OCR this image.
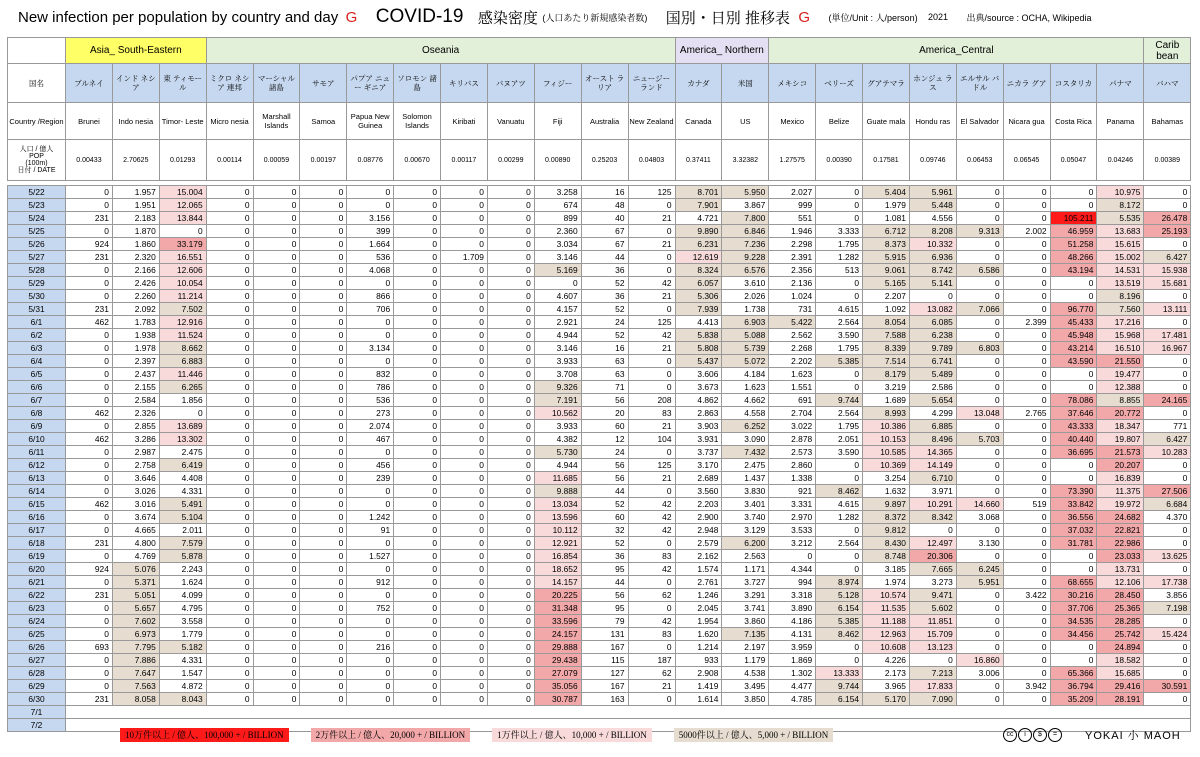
New infection per population by country and day G COVID-19 感染密度 (人口あたり新規感染者数) 国別・日別 推移表 G (単位/Unit : 人/person) 2021 出典/source : OCHA, Wikipedia
	Asia_ South-Eastern			Oseania										America_ Northern		America_Central								Carib bean
国名	ブルネイ	インド ネシア	東 ティモール	ミクロ ネシア 連邦	マーシャル 諸島	サモア	パプア ニュー ギニア	ソロモン 諸島	キリバス	バヌアツ	フィジー	オースト ラリア	ニュージー ランド	カナダ	米国	メキシコ	ベリーズ	グアテマラ	ホンジュ ラス	エルサル バドル	ニカラ グア	コスタリカ	パナマ	バハマ
Country /Region	Brunei	Indo nesia	Timor- Leste	Micro nesia	Marshall Islands	Samoa	Papua New Guinea	Solomon Islands	Kiribati	Vanuatu	Fiji	Australia	New Zealand	Canada	US	Mexico	Belize	Guate mala	Hondu ras	El Salvador	Nicara gua	Costa Rica	Panama	Bahamas

人口 / 億人
POP
(100m)
日付 / DATE	0.00433	2.70625	0.01293	0.00114	0.00059	0.00197	0.08776	0.00670	0.00117	0.00299	0.00890	0.25203	0.04803	0.37411	3.32382	1.27575	0.00390	0.17581	0.09746	0.06453	0.06545	0.05047	0.04246	0.00389

5/22	0	1.957	15.004	0	0	0	0	0	0	0	3.258	16	125	8.701	5.950	2.027	0	5.404	5.961	0	0	0	10.975	0
5/23	0	1.951	12.065	0	0	0	0	0	0	0	674	48	0	7.901	3.867	999	0	1.979	5.448	0	0	0	8.172	0
5/24	231	2.183	13.844	0	0	0	3.156	0	0	0	899	40	21	4.721	7.800	551	0	1.081	4.556	0	0	105.211	5.535	26.478
5/25	0	1.870	0	0	0	0	399	0	0	0	2.360	67	0	9.890	6.846	1.946	3.333	6.712	8.208	9.313	2.002	46.959	13.683	25.193
5/26	924	1.860	33.179	0	0	0	1.664	0	0	0	3.034	67	21	6.231	7.236	2.298	1.795	8.373	10.332	0	0	51.258	15.615	0
5/27	231	2.320	16.551	0	0	0	536	0	1.709	0	3.146	44	0	12.619	9.228	2.391	1.282	5.915	6.936	0	0	48.266	15.002	6.427
5/28	0	2.166	12.606	0	0	0	4.068	0	0	0	5.169	36	0	8.324	6.576	2.356	513	9.061	8.742	6.586	0	43.194	14.531	15.938
5/29	0	2.426	10.054	0	0	0	0	0	0	0	0	52	42	6.057	3.610	2.136	0	5.165	5.141	0	0	0	13.519	15.681
5/30	0	2.260	11.214	0	0	0	866	0	0	0	4.607	36	21	5.306	2.026	1.024	0	2.207	0	0	0	0	8.196	0
5/31	231	2.092	7.502	0	0	0	706	0	0	0	4.157	52	0	7.939	1.738	731	4.615	1.092	13.082	7.066	0	96.770	7.560	13.111
6/1	462	1.783	12.916	0	0	0	0	0	0	0	2.921	24	125	4.413	6.903	5.422	2.564	8.054	6.085	0	2.399	45.433	17.216	0
6/2	0	1.938	11.524	0	0	0	0	0	0	0	4.944	52	42	5.838	5.088	2.562	3.590	7.588	6.238	0	0	45.948	15.968	17.481
6/3	0	1.978	8.662	0	0	0	3.134	0	0	0	3.146	16	21	5.808	5.739	2.268	1.795	8.339	9.789	6.803	0	43.214	16.510	16.967
6/4	0	2.397	6.883	0	0	0	0	0	0	0	3.933	63	0	5.437	5.072	2.202	5.385	7.514	6.741	0	0	43.590	21.550	0
6/5	0	2.437	11.446	0	0	0	832	0	0	0	3.708	63	0	3.606	4.184	1.623	0	8.179	5.489	0	0	0	19.477	0
6/6	0	2.155	6.265	0	0	0	786	0	0	0	9.326	71	0	3.673	1.623	1.551	0	3.219	2.586	0	0	0	12.388	0
6/7	0	2.584	1.856	0	0	0	536	0	0	0	7.191	56	208	4.862	4.662	691	9.744	1.689	5.654	0	0	78.086	8.855	24.165
6/8	462	2.326	0	0	0	0	273	0	0	0	10.562	20	83	2.863	4.558	2.704	2.564	8.993	4.299	13.048	2.765	37.646	20.772	0
6/9	0	2.855	13.689	0	0	0	2.074	0	0	0	3.933	60	21	3.903	6.252	3.022	1.795	10.386	6.885	0	0	43.333	18.347	771
6/10	462	3.286	13.302	0	0	0	467	0	0	0	4.382	12	104	3.931	3.090	2.878	2.051	10.153	8.496	5.703	0	40.440	19.807	6.427
6/11	0	2.987	2.475	0	0	0	0	0	0	0	5.730	24	0	3.737	7.432	2.573	3.590	10.585	14.365	0	0	36.695	21.573	10.283
6/12	0	2.758	6.419	0	0	0	456	0	0	0	4.944	56	125	3.170	2.475	2.860	0	10.369	14.149	0	0	0	20.207	0
6/13	0	3.646	4.408	0	0	0	239	0	0	0	11.685	56	21	2.689	1.437	1.338	0	3.254	6.710	0	0	0	16.839	0
6/14	0	3.026	4.331	0	0	0	0	0	0	0	9.888	44	0	3.560	3.830	921	8.462	1.632	3.971	0	0	73.390	11.375	27.506
6/15	462	3.016	5.491	0	0	0	0	0	0	0	13.034	52	42	2.203	3.401	3.331	4.615	9.897	10.291	14.660	519	33.842	19.972	6.684
6/16	0	3.674	5.104	0	0	0	1.242	0	0	0	13.596	60	42	2.900	3.740	2.970	1.282	8.372	8.342	3.068	0	36.556	24.682	4.370
6/17	0	4.665	2.011	0	0	0	91	0	0	0	10.112	32	42	2.948	3.129	3.533	0	9.812	0	0	0	37.032	22.821	0
6/18	231	4.800	7.579	0	0	0	0	0	0	0	12.921	52	0	2.579	6.200	3.212	2.564	8.430	12.497	3.130	0	31.781	22.986	0
6/19	0	4.769	5.878	0	0	0	1.527	0	0	0	16.854	36	83	2.162	2.563	0	0	8.748	20.306	0	0	0	23.033	13.625
6/20	924	5.076	2.243	0	0	0	0	0	0	0	18.652	95	42	1.574	1.171	4.344	0	3.185	7.665	6.245	0	0	13.731	0
6/21	0	5.371	1.624	0	0	0	912	0	0	0	14.157	44	0	2.761	3.727	994	8.974	1.974	3.273	5.951	0	68.655	12.106	17.738
6/22	231	5.051	4.099	0	0	0	0	0	0	0	20.225	56	62	1.246	3.291	3.318	5.128	10.574	9.471	0	3.422	30.216	28.450	3.856
6/23	0	5.657	4.795	0	0	0	752	0	0	0	31.348	95	0	2.045	3.741	3.890	6.154	11.535	5.602	0	0	37.706	25.365	7.198
6/24	0	7.602	3.558	0	0	0	0	0	0	0	33.596	79	42	1.954	3.860	4.186	5.385	11.188	11.851	0	0	34.535	28.285	0
6/25	0	6.973	1.779	0	0	0	0	0	0	0	24.157	131	83	1.620	7.135	4.131	8.462	12.963	15.709	0	0	34.456	25.742	15.424
6/26	693	7.795	5.182	0	0	0	216	0	0	0	29.888	167	0	1.214	2.197	3.959	0	10.608	13.123	0	0	0	24.894	0
6/27	0	7.886	4.331	0	0	0	0	0	0	0	29.438	115	187	933	1.179	1.869	0	4.226	0	16.860	0	0	18.582	0
6/28	0	7.647	1.547	0	0	0	0	0	0	0	27.079	127	62	2.908	4.538	1.302	13.333	2.173	7.213	3.006	0	65.366	15.685	0
6/29	0	7.563	4.872	0	0	0	0	0	0	0	35.056	167	21	1.419	3.495	4.477	9.744	3.965	17.833	0	3.942	36.794	29.416	30.591
6/30	231	8.058	8.043	0	0	0	0	0	0	0	30.787	163	0	1.614	3.850	4.785	6.154	5.170	7.090	0	0	35.209	28.191	0
7/1																								
7/2																								
10万件以上 / 億人、100,000 + / BILLION	2万件以上 / 億人、20,000 + / BILLION	1万件以上 / 億人、10,000 + / BILLION	5000件以上 / 億人、5,000 + / BILLION	cc i $ =	YOKAI 小 MAOH
